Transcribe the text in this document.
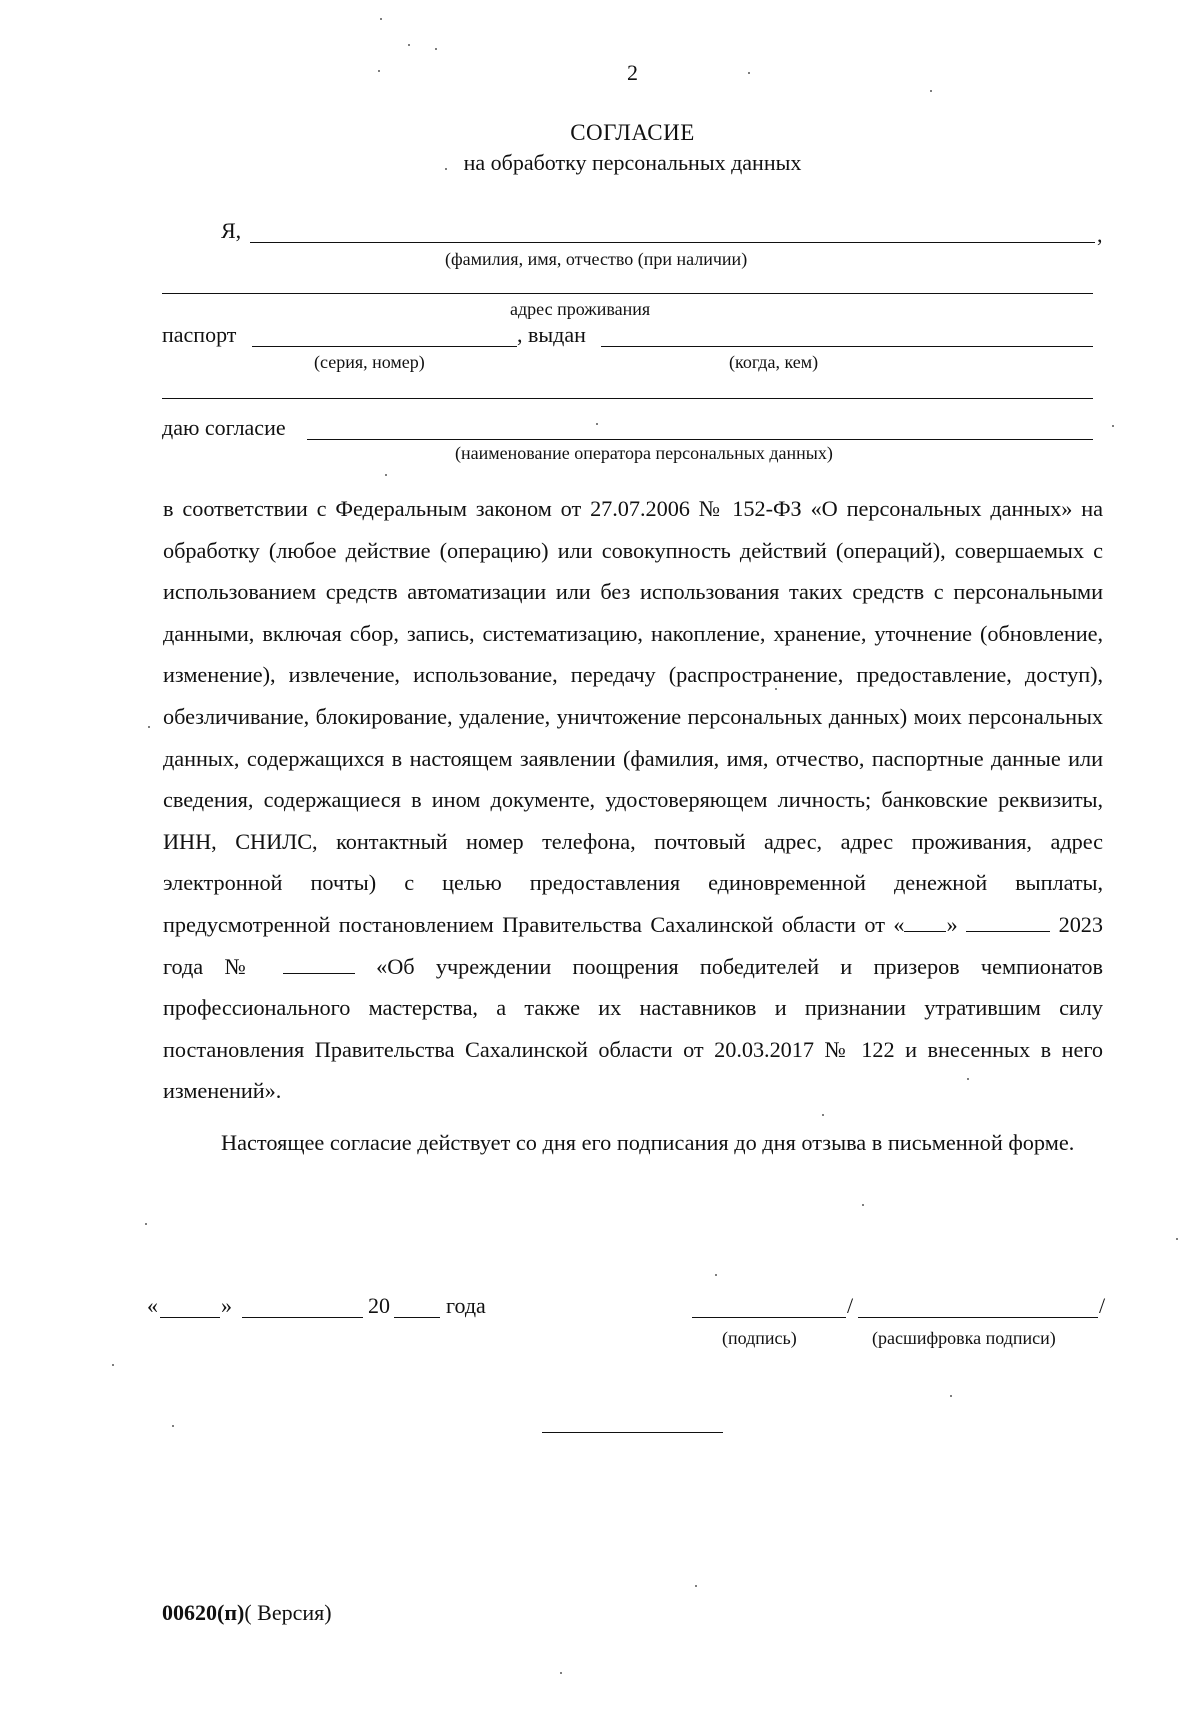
2
СОГЛАСИЕ
на обработку персональных данных
Я,	,
(фамилия, имя, отчество (при наличии)
адрес проживания
паспорт	, выдан
(серия, номер)	(когда, кем)
даю согласие
(наименование оператора персональных данных)
в соответствии с Федеральным законом от 27.07.2006 № 152-ФЗ «О персональных данных» на обработку (любое действие (операцию) или совокупность действий (операций), совершаемых с использованием средств автоматизации или без использования таких средств с персональными данными, включая сбор, запись, систематизацию, накопление, хранение, уточнение (обновление, изменение), извлечение, использование, передачу (распространение, предоставление, доступ), обезличивание, блокирование, удаление, уничтожение персональных данных) моих персональных данных, содержащихся в настоящем заявлении (фамилия, имя, отчество, паспортные данные или сведения, содержащиеся в ином документе, удостоверяющем личность; банковские реквизиты, ИНН, СНИЛС, контактный номер телефона, почтовый адрес, адрес проживания, адрес электронной почты) с целью предоставления единовременной денежной выплаты, предусмотренной постановлением Правительства Сахалинской области от « »	2023 года №	«Об учреждении поощрения победителей и призеров чемпионатов профессионального мастерства, а также их наставников и признании утратившим силу постановления Правительства Сахалинской области от 20.03.2017 № 122 и внесенных в него изменений».
Настоящее согласие действует со дня его подписания до дня отзыва в письменной форме.
«	»	20	года	/	/
(подпись)	(расшифровка подписи)
00620(п)( Версия)
